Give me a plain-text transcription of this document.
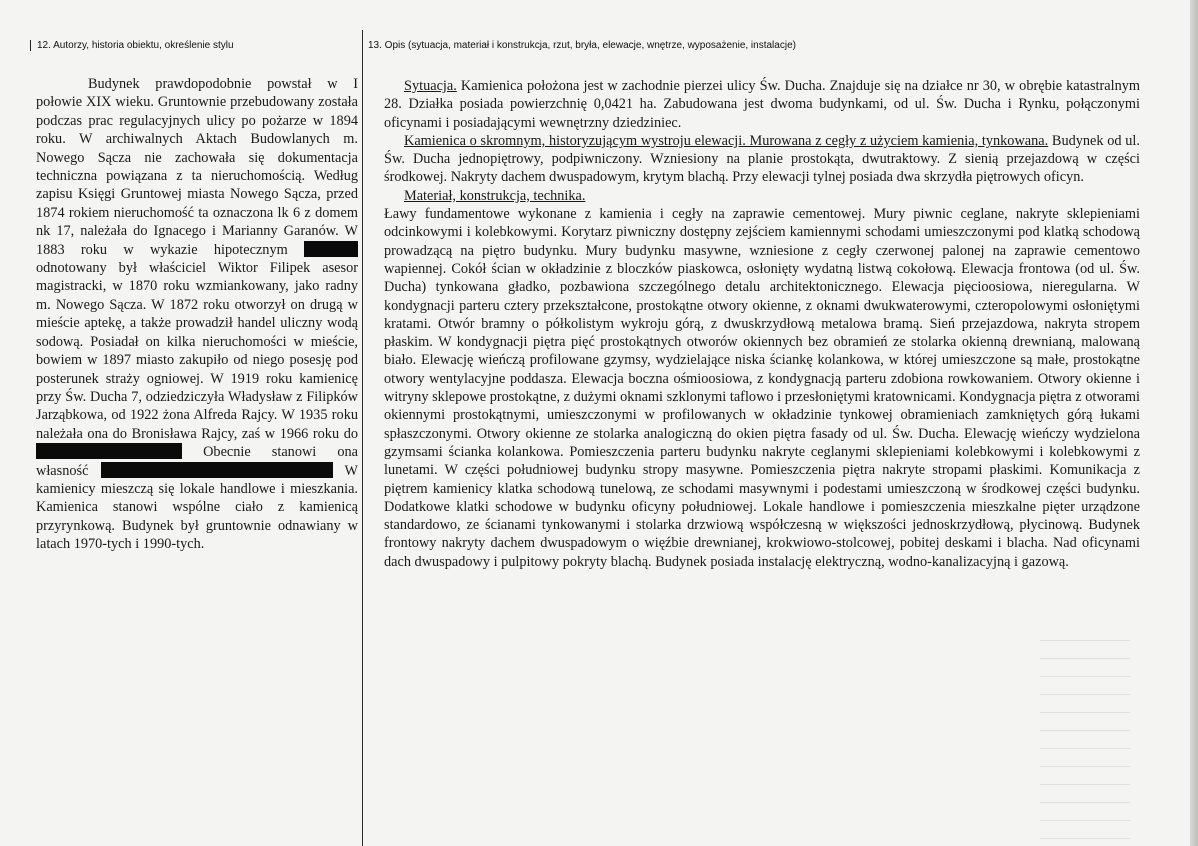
12. Autorzy, historia obiektu, określenie stylu	13. Opis (sytuacja, materiał i konstrukcja, rzut, bryła, elewacje, wnętrze, wyposażenie, instalacje)

Budynek prawdopodobnie powstał w I połowie XIX wieku. Gruntownie przebudowany została podczas prac regulacyjnych ulicy po pożarze w 1894 roku. W archiwalnych Aktach Budowlanych m. Nowego Sącza nie zachowała się dokumentacja techniczna powiązana z ta nieruchomością. Według zapisu Księgi Gruntowej miasta Nowego Sącza, przed 1874 rokiem nieruchomość ta oznaczona lk 6 z domem nk 17, należała do Ignacego i Marianny Garanów. W 1883 roku w wykazie hipotecznym odnotowany był właściciel Wiktor Filipek asesor magistracki, w 1870 roku wzmiankowany, jako radny m. Nowego Sącza. W 1872 roku otworzył on drugą w mieście aptekę, a także prowadził handel uliczny wodą sodową. Posiadał on kilka nieruchomości w mieście, bowiem w 1897 miasto zakupiło od niego posesję pod posterunek straży ogniowej. W 1919 roku kamienicę przy Św. Ducha 7, odziedziczyła Władysław z Filipków Jarząbkowa, od 1922 żona Alfreda Rajcy. W 1935 roku należała ona do Bronisława Rajcy, zaś w 1966 roku do  Obecnie stanowi ona własność	W kamienicy mieszczą się lokale handlowe i mieszkania. Kamienica stanowi wspólne ciało z kamienicą przyrynkową. Budynek był gruntownie odnawiany w latach 1970-tych i 1990-tych.

Sytuacja. Kamienica położona jest w zachodnie pierzei ulicy Św. Ducha. Znajduje się na działce nr 30, w obrębie katastralnym 28. Działka posiada powierzchnię 0,0421 ha. Zabudowana jest dwoma budynkami, od ul. Św. Ducha i Rynku, połączonymi oficynami i posiadającymi wewnętrzny dziedziniec.

Kamienica o skromnym, historyzującym wystroju elewacji. Murowana z cegły z użyciem kamienia, tynkowana. Budynek od ul. Św. Ducha jednopiętrowy, podpiwniczony. Wzniesiony na planie prostokąta, dwutraktowy. Z sienią przejazdową w części środkowej. Nakryty dachem dwuspadowym, krytym blachą. Przy elewacji tylnej posiada dwa skrzydła piętrowych oficyn.

Materiał, konstrukcja, technika.

Ławy fundamentowe wykonane z kamienia i cegły na zaprawie cementowej. Mury piwnic ceglane, nakryte sklepieniami odcinkowymi i kolebkowymi. Korytarz piwniczny dostępny zejściem kamiennymi schodami umieszczonymi pod klatką schodową prowadzącą na piętro budynku. Mury budynku masywne, wzniesione z cegły czerwonej palonej na zaprawie cementowo wapiennej. Cokół ścian w okładzinie z bloczków piaskowca, osłonięty wydatną listwą cokołową. Elewacja frontowa (od ul. Św. Ducha) tynkowana gładko, pozbawiona szczególnego detalu architektonicznego. Elewacja pięcioosiowa, nieregularna. W kondygnacji parteru cztery przekształcone, prostokątne otwory okienne, z oknami dwukwaterowymi, czteropolowymi osłoniętymi kratami. Otwór bramny o półkolistym wykroju górą, z dwuskrzydłową metalowa bramą. Sień przejazdowa, nakryta stropem płaskim. W kondygnacji piętra pięć prostokątnych otworów okiennych bez obramień ze stolarka okienną drewnianą, malowaną biało. Elewację wieńczą profilowane gzymsy, wydzielające niska ściankę kolankowa, w której umieszczone są małe, prostokątne otwory wentylacyjne poddasza. Elewacja boczna ośmioosiowa, z kondygnacją parteru zdobiona rowkowaniem. Otwory okienne i witryny sklepowe prostokątne, z dużymi oknami szklonymi taflowo i przesłoniętymi kratownicami. Kondygnacja piętra z otworami okiennymi prostokątnymi, umieszczonymi w profilowanych w okładzinie tynkowej obramieniach zamkniętych górą łukami spłaszczonymi. Otwory okienne ze stolarka analogiczną do okien piętra fasady od ul. Św. Ducha. Elewację wieńczy wydzielona gzymsami ścianka kolankowa. Pomieszczenia parteru budynku nakryte ceglanymi sklepieniami kolebkowymi i kolebkowymi z lunetami. W części południowej budynku stropy masywne. Pomieszczenia piętra nakryte stropami płaskimi. Komunikacja z piętrem kamienicy klatka schodową tunelową, ze schodami masywnymi i podestami umieszczoną w środkowej części budynku. Dodatkowe klatki schodowe w budynku oficyny południowej. Lokale handlowe i pomieszczenia mieszkalne pięter urządzone standardowo, ze ścianami tynkowanymi i stolarka drzwiową współczesną w większości jednoskrzydłową, płycinową. Budynek frontowy nakryty dachem dwuspadowym o więźbie drewnianej, krokwiowo-stolcowej, pobitej deskami i blacha. Nad oficynami dach dwuspadowy i pulpitowy pokryty blachą. Budynek posiada instalację elektryczną, wodno-kanalizacyjną i gazową.
